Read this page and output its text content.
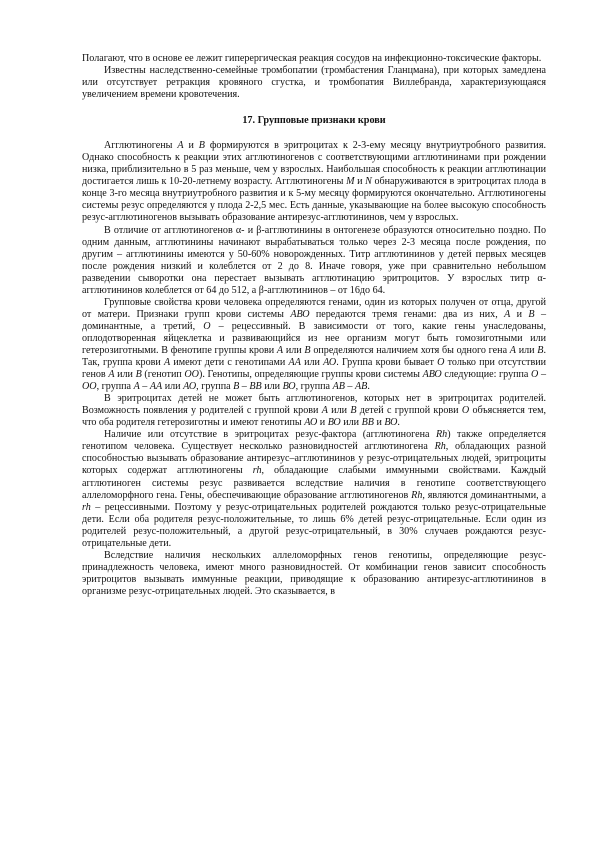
Полагают, что в основе ее лежит гиперергическая реакция сосудов на инфекционно-токсические факторы.

Известны наследственно-семейные тромбопатии (тромбастения Гланцмана), при которых замедлена или отсутствует ретракция кровяного сгустка, и тромбопатия Виллебранда, характеризующаяся увеличением времени кровотечения.

17. Групповые признаки крови

Агглютиногены А и В формируются в эритроцитах к 2-3-ему месяцу внутриутробного развития. Однако способность к реакции этих агглютиногенов с соответствующими агглютининами при рождении низка, приблизительно в 5 раз меньше, чем у взрослых. Наибольшая способность к реакции агглютинации достигается лишь к 10-20-летнему возрасту. Агглютиногены М и N обнаруживаются в эритроцитах плода в конце 3-го месяца внутриутробного развития и к 5-му месяцу формируются окончательно. Агглютиногены системы резус определяются у плода 2-2,5 мес. Есть данные, указывающие на более высокую способность резус-агглютиногенов вызывать образование антирезус-агглютининов, чем у взрослых.

В отличие от агглютиногенов α- и β-агглютинины в онтогенезе образуются относительно поздно. По одним данным, агглютинины начинают вырабатываться только через 2-3 месяца после рождения, по другим – агглютинины имеются у 50-60% новорожденных. Титр агглютининов у детей первых месяцев после рождения низкий и колеблется от 2 до 8. Иначе говоря, уже при сравнительно небольшом разведении сыворотки она перестает вызывать агглютинацию эритроцитов. У взрослых титр α-агглютининов колеблется от 64 до 512, а β-агглютининов – от 16до 64.

Групповые свойства крови человека определяются генами, один из которых получен от отца, другой от матери. Признаки групп крови системы АВО передаются тремя генами: два из них, А и В – доминантные, а третий, О – рецессивный. В зависимости от того, какие гены унаследованы, оплодотворенная яйцеклетка и развивающийся из нее организм могут быть гомозиготными или гетерозиготными. В фенотипе группы крови А или В определяются наличием хотя бы одного гена А или В. Так, группа крови А имеют дети с генотипами АА или АО. Группа крови бывает О только при отсутствии генов А или В (генотип ОО). Генотипы, определяющие группы крови системы АВО следующие: группа О – ОО, группа А – АА или АО, группа В – ВВ или ВО, группа АВ – АВ.

В эритроцитах детей не может быть агглютиногенов, которых нет в эритроцитах родителей. Возможность появления у родителей с группой крови А или В детей с группой крови О объясняется тем, что оба родителя гетерозиготны и имеют генотипы АО и ВО или ВВ и ВО.

Наличие или отсутствие в эритроцитах резус-фактора (агглютиногена Rh) также определяется генотипом человека. Существует несколько разновидностей агглютиногена Rh, обладающих разной способностью вызывать образование антирезус–агглютининов у резус-отрицательных людей, эритроциты которых содержат агглютиногены rh, обладающие слабыми иммунными свойствами. Каждый агглютиноген системы резус развивается вследствие наличия в генотипе соответствующего аллеломорфного гена. Гены, обеспечивающие образование агглютиногенов Rh, являются доминантными, а rh – рецессивными. Поэтому у резус-отрицательных родителей рождаются только резус-отрицательные дети. Если оба родителя резус-положительные, то лишь 6% детей резус-отрицательные. Если один из родителей резус-положительный, а другой резус-отрицательный, в 30% случаев рождаются резус-отрицательные дети.

Вследствие наличия нескольких аллеломорфных генов генотипы, определяющие резус-принадлежность человека, имеют много разновидностей. От комбинации генов зависит способность эритроцитов вызывать иммунные реакции, приводящие к образованию антирезус-агглютининов в организме резус-отрицательных людей. Это сказывается, в
